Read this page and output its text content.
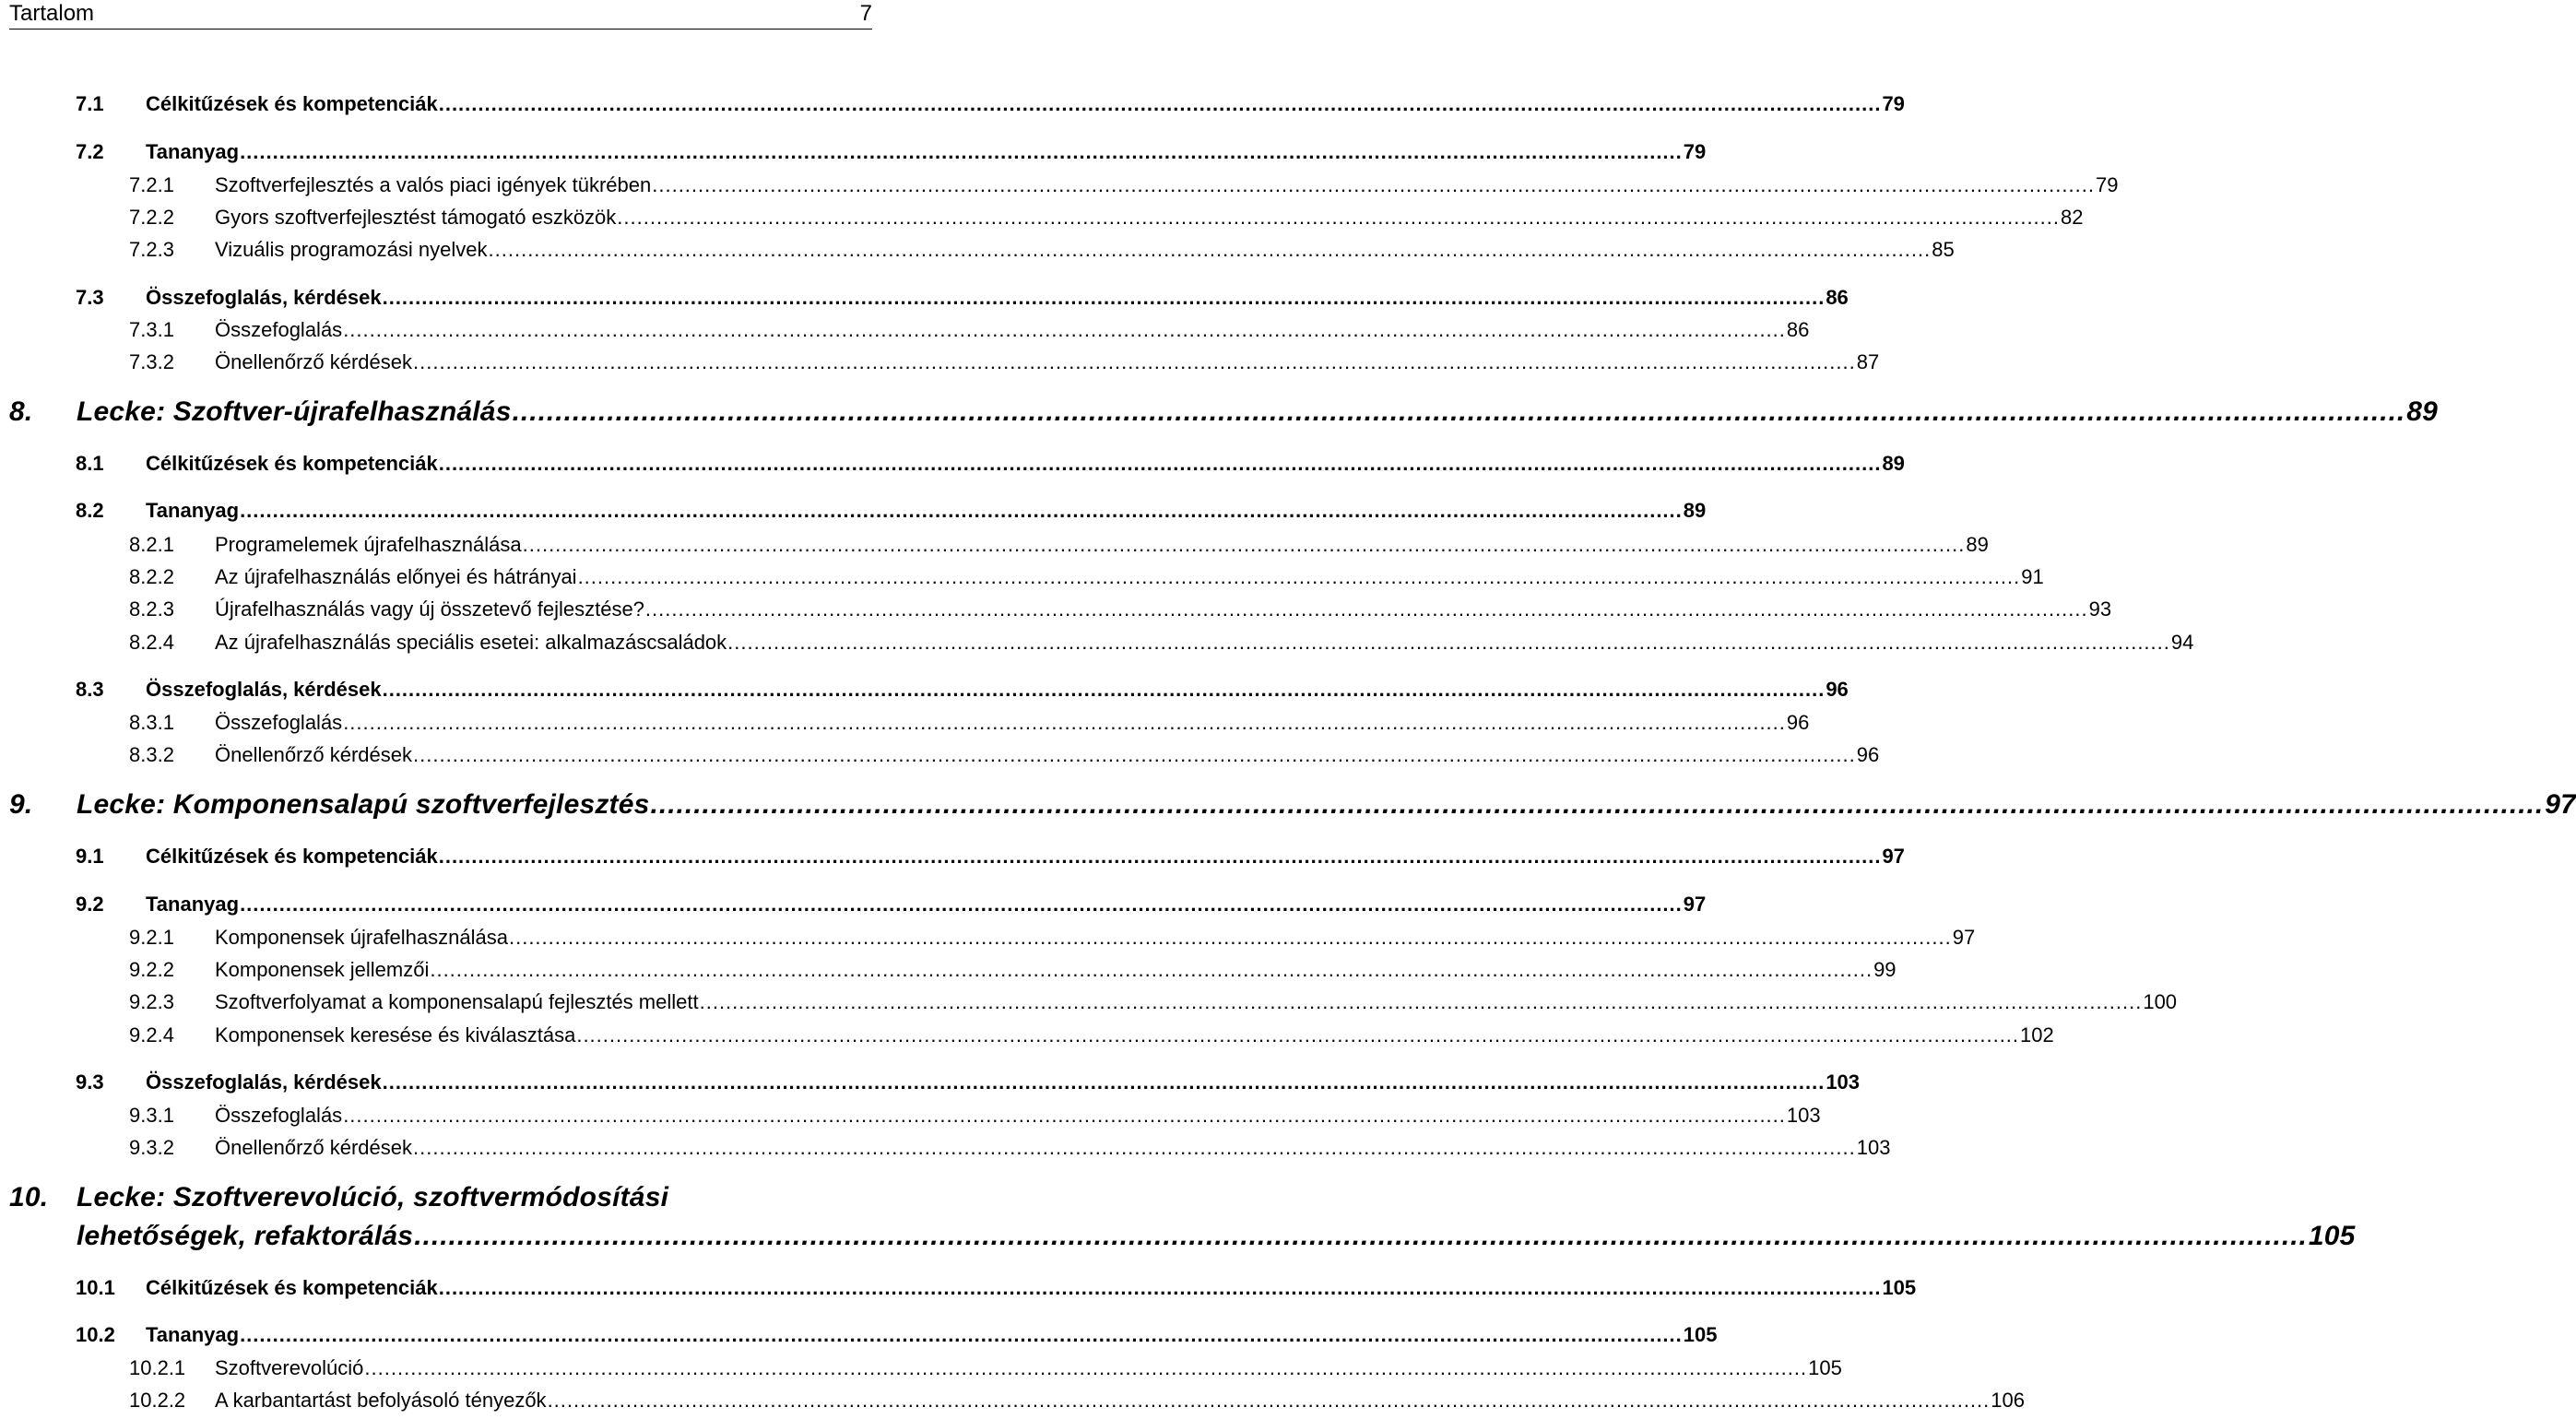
Tartalom	7
7.1	Célkitűzések és kompetenciák ............................................................................................................................................................................................................................ 79
7.2	Tananyag ............................................................................................................................................................................................................................ 79
7.2.1	Szoftverfejlesztés a valós piaci igények tükrében ............................................................................................................................................................................................................................ 79
7.2.2	Gyors szoftverfejlesztést támogató eszközök ............................................................................................................................................................................................................................ 82
7.2.3	Vizuális programozási nyelvek ............................................................................................................................................................................................................................ 85
7.3	Összefoglalás, kérdések ............................................................................................................................................................................................................................ 86
7.3.1	Összefoglalás ............................................................................................................................................................................................................................ 86
7.3.2	Önellenőrző kérdések ............................................................................................................................................................................................................................ 87
8.	Lecke: Szoftver-újrafelhasználás ............................................................................................................................................................................................................................ 89
8.1	Célkitűzések és kompetenciák ............................................................................................................................................................................................................................ 89
8.2	Tananyag ............................................................................................................................................................................................................................ 89
8.2.1	Programelemek újrafelhasználása ............................................................................................................................................................................................................................ 89
8.2.2	Az újrafelhasználás előnyei és hátrányai ............................................................................................................................................................................................................................ 91
8.2.3	Újrafelhasználás vagy új összetevő fejlesztése? ............................................................................................................................................................................................................................ 93
8.2.4	Az újrafelhasználás speciális esetei: alkalmazáscsaládok ............................................................................................................................................................................................................................ 94
8.3	Összefoglalás, kérdések ............................................................................................................................................................................................................................ 96
8.3.1	Összefoglalás ............................................................................................................................................................................................................................ 96
8.3.2	Önellenőrző kérdések ............................................................................................................................................................................................................................ 96
9.	Lecke: Komponensalapú szoftverfejlesztés ............................................................................................................................................................................................................................ 97
9.1	Célkitűzések és kompetenciák ............................................................................................................................................................................................................................ 97
9.2	Tananyag ............................................................................................................................................................................................................................ 97
9.2.1	Komponensek újrafelhasználása ............................................................................................................................................................................................................................ 97
9.2.2	Komponensek jellemzői ............................................................................................................................................................................................................................ 99
9.2.3	Szoftverfolyamat a komponensalapú fejlesztés mellett ............................................................................................................................................................................................................................ 100
9.2.4	Komponensek keresése és kiválasztása ............................................................................................................................................................................................................................ 102
9.3	Összefoglalás, kérdések ............................................................................................................................................................................................................................ 103
9.3.1	Összefoglalás ............................................................................................................................................................................................................................ 103
9.3.2	Önellenőrző kérdések ............................................................................................................................................................................................................................ 103
10.	Lecke: Szoftverevolúció, szoftvermódosítási
lehetőségek, refaktorálás ............................................................................................................................................................................................................................ 105
10.1	Célkitűzések és kompetenciák ............................................................................................................................................................................................................................ 105
10.2	Tananyag ............................................................................................................................................................................................................................ 105
10.2.1	Szoftverevolúció ............................................................................................................................................................................................................................ 105
10.2.2	A karbantartást befolyásoló tényezők ............................................................................................................................................................................................................................ 106
